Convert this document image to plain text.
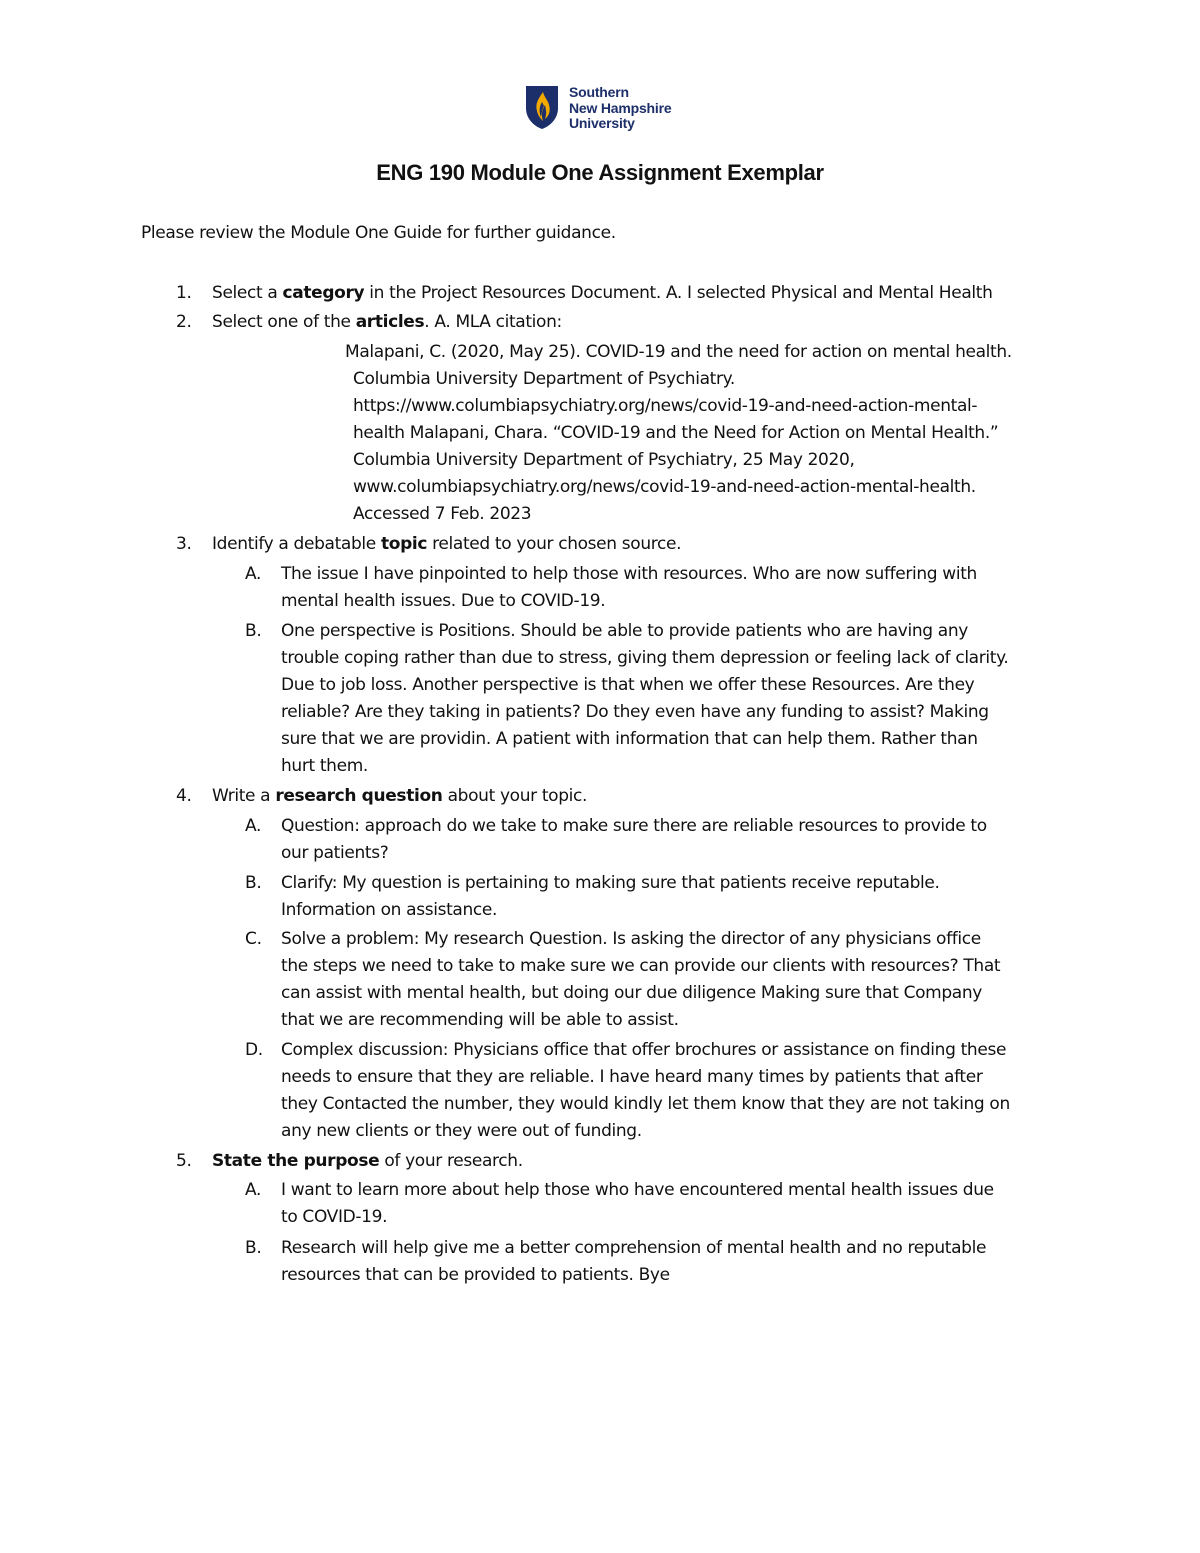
Southern
New Hampshire
University
ENG 190 Module One Assignment Exemplar
Please review the Module One Guide for further guidance.
1. Select a category in the Project Resources Document. A. I selected Physical and Mental Health
2. Select one of the articles. A. MLA citation:
Malapani, C. (2020, May 25). COVID-19 and the need for action on mental health.
Columbia University Department of Psychiatry.
https://www.columbiapsychiatry.org/news/covid-19-and-need-action-mental-
health Malapani, Chara. “COVID-19 and the Need for Action on Mental Health.”
Columbia University Department of Psychiatry, 25 May 2020,
www.columbiapsychiatry.org/news/covid-19-and-need-action-mental-health.
Accessed 7 Feb. 2023
3. Identify a debatable topic related to your chosen source.
A. The issue I have pinpointed to help those with resources. Who are now suffering with
mental health issues. Due to COVID-19.
B. One perspective is Positions. Should be able to provide patients who are having any
trouble coping rather than due to stress, giving them depression or feeling lack of clarity.
Due to job loss. Another perspective is that when we offer these Resources. Are they
reliable? Are they taking in patients? Do they even have any funding to assist? Making
sure that we are providin. A patient with information that can help them. Rather than
hurt them.
4. Write a research question about your topic.
A. Question: approach do we take to make sure there are reliable resources to provide to
our patients?
B. Clarify: My question is pertaining to making sure that patients receive reputable.
Information on assistance.
C. Solve a problem: My research Question. Is asking the director of any physicians office
the steps we need to take to make sure we can provide our clients with resources? That
can assist with mental health, but doing our due diligence Making sure that Company
that we are recommending will be able to assist.
D. Complex discussion: Physicians office that offer brochures or assistance on finding these
needs to ensure that they are reliable. I have heard many times by patients that after
they Contacted the number, they would kindly let them know that they are not taking on
any new clients or they were out of funding.
5. State the purpose of your research.
A. I want to learn more about help those who have encountered mental health issues due
to COVID-19.
B. Research will help give me a better comprehension of mental health and no reputable
resources that can be provided to patients. Bye
